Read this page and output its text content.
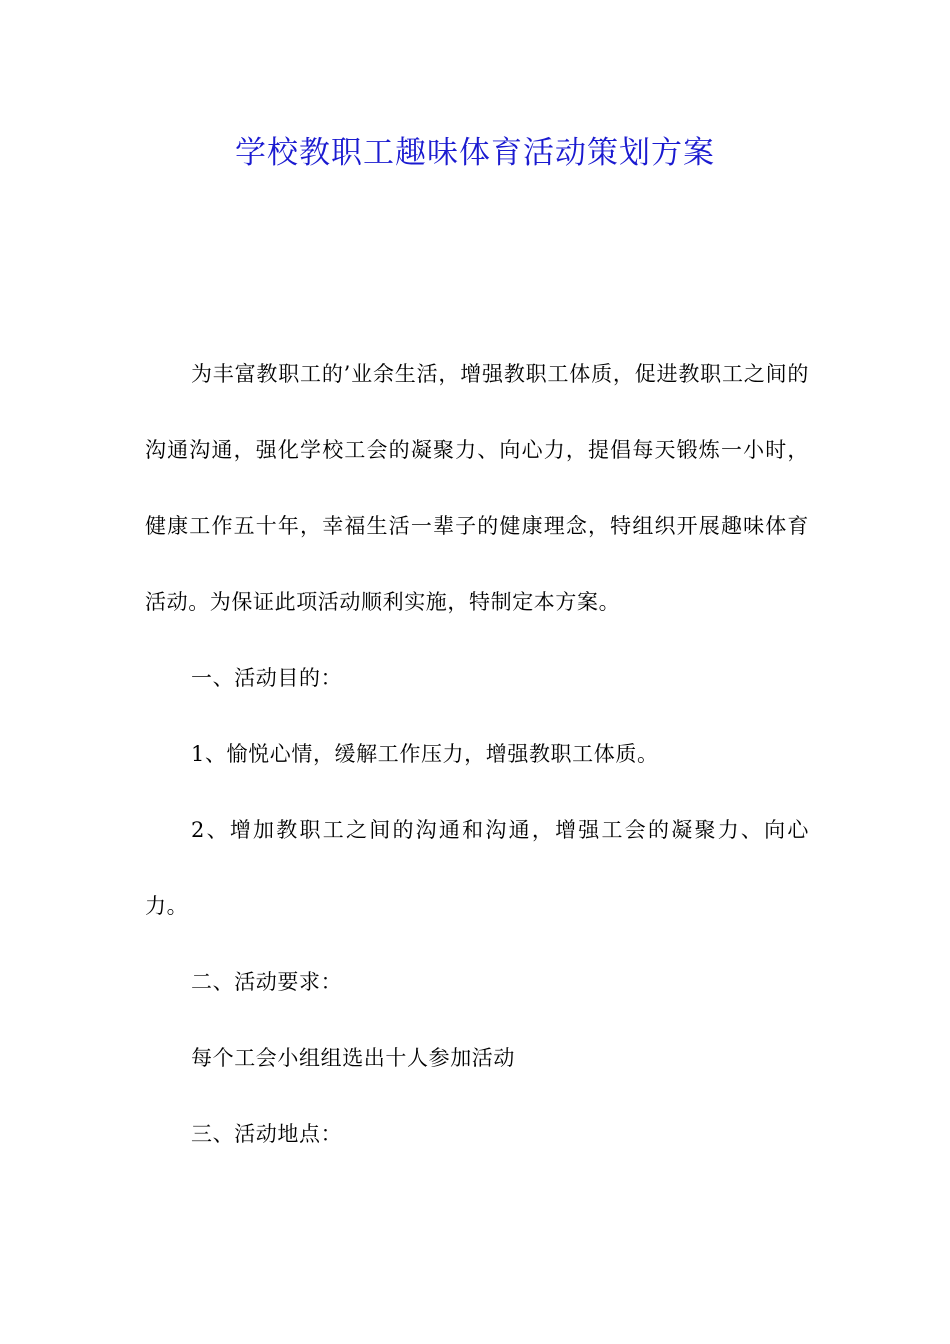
学校教职工趣味体育活动策划方案

为丰富教职工的’业余生活，增强教职工体质，促进教职工之间的沟通沟通，强化学校工会的凝聚力、向心力，提倡每天锻炼一小时，健康工作五十年，幸福生活一辈子的健康理念，特组织开展趣味体育活动。为保证此项活动顺利实施，特制定本方案。

一、活动目的：

1、愉悦心情，缓解工作压力，增强教职工体质。

2、增加教职工之间的沟通和沟通，增强工会的凝聚力、向心力。

二、活动要求：

每个工会小组组选出十人参加活动

三、活动地点：
